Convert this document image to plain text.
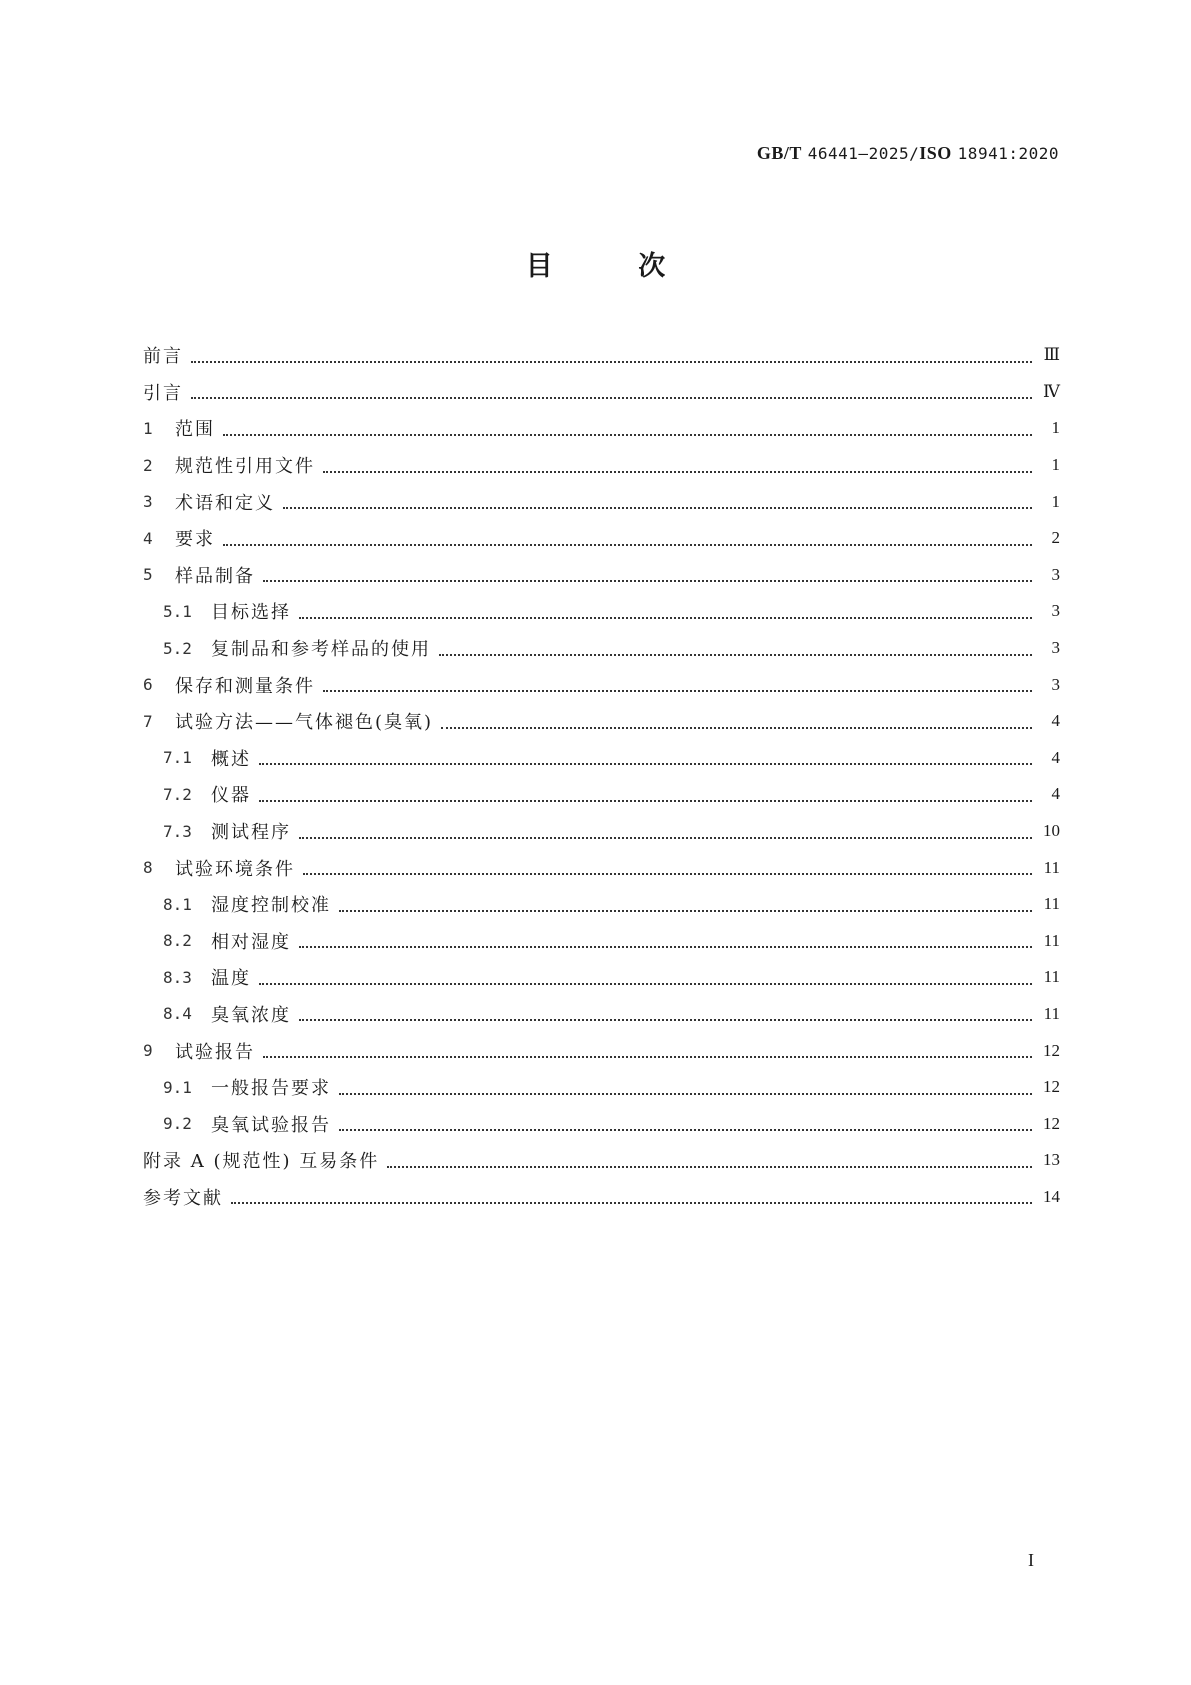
GB/T 46441—2025/ISO 18941:2020
目	次
前言	Ⅲ
引言	Ⅳ
1	范围	1
2	规范性引用文件	1
3	术语和定义	1
4	要求	2
5	样品制备	3
5.1	目标选择	3
5.2	复制品和参考样品的使用	3
6	保存和测量条件	3
7	试验方法——气体褪色(臭氧)	4
7.1	概述	4
7.2	仪器	4
7.3	测试程序	10
8	试验环境条件	11
8.1	湿度控制校准	11
8.2	相对湿度	11
8.3	温度	11
8.4	臭氧浓度	11
9	试验报告	12
9.1	一般报告要求	12
9.2	臭氧试验报告	12
附录 A (规范性) 互易条件	13
参考文献	14
I
